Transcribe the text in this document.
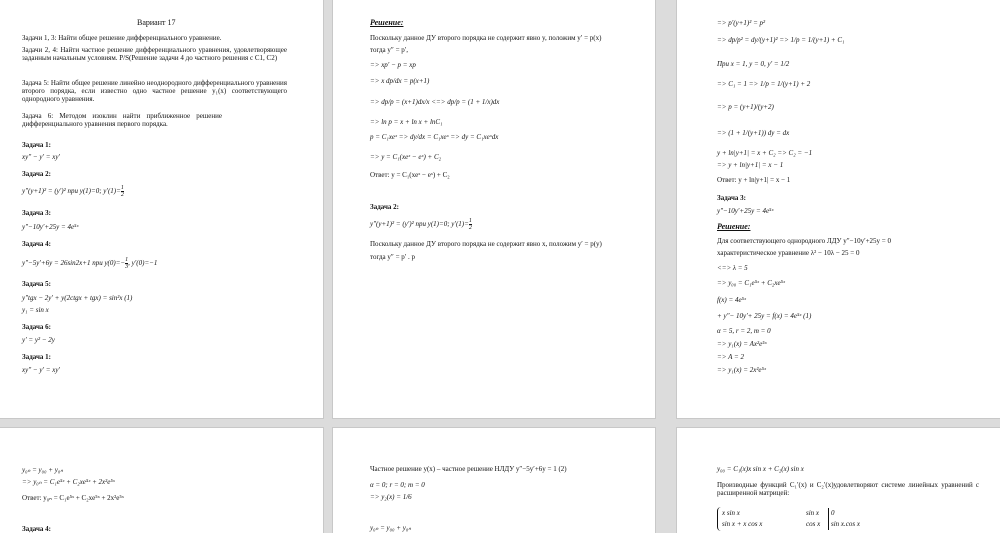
Вариант 17
Задачи 1, 3: Найти общее решение дифференциального уравнение.
Задачи 2, 4: Найти частное решение дифференциального уравнения, удовлетворяющее заданным начальным условиям. Р/S(Решение задачи 4 до частного решения с С1, С2)
Задача 5: Найти общее решение линейно неоднородного дифференциального уравнения второго порядка, если известно одно частное решение y₁(x) соответствующего однородного уравнения.
Задача 6: Методом изоклин найти приближенное решение дифференциального уравнения первого порядка.
Задача 1:
xy″ − y′ = xy′
Задача 2:
y″(y+1)² = (y′)² при y(1)=0; $y'(1)= \frac{1}{2}$
Задача 3:
y″−10y′+25y = 4e⁵ˣ
Задача 4:
y″−5y′+6y = 26sin2x+1 при $y(0)=- \frac{1}{3}$ , y′(0)=−1
Задача 5:
y″tgx − 2y′ + y(2ctgx + tgx) = sin²x (1)
y₁ = sin x
Задача 6:
y′ = y² − 2y
Задача 1:
xy″ − y′ = xy′
Решение:
Поскольку данное ДУ второго порядка не содержит явно y, положим y′ = p(x)
тогда y″ = p′,
=> xp′ − p = xp
=> x dp/dx = p(x+1)
=> dp/p = (x+1)dx/x <=> dp/p = (1 + 1/x)dx
=> ln p = x + ln x + lnC₁
p = C₁xeˣ => dy/dx = C₁xeˣ => dy = C₁xeˣdx
=> y = C₁(xeˣ − eˣ) + C₂
Ответ: y = C₁(xeˣ − eˣ) + C₂
Задача 2:
y″(y+1)² = (y′)² при y(1)=0; $y'(1)= \frac{1}{2}$
Поскольку данное ДУ второго порядка не содержит явно x, положим y′ = p(y)
тогда y″ = p′ . p
=> p′(y+1)² = p²
=> dp/p² = dy/(y+1)² => 1/p = 1/(y+1) + C₁
При x = 1, y = 0, y′ = 1/2
=> C₁ = 1 => 1/p = 1/(y+1) + 2
=> p = (y+1)/(y+2)
=> (1 + 1/(y+1)) dy = dx
y + ln|y+1| = x + C₂ => C₂ = −1
=> y + ln|y+1| = x − 1
Ответ: y + ln|y+1| = x − 1
Задача 3:
y″−10y′+25y = 4e⁵ˣ
Решение:
Для соответствующего однородного ЛДУ y″−10y′+25y = 0
характеристическое уравнение λ² − 10λ − 25 = 0
<=> λ = 5
=> y₀₀ = C₁e⁵ˣ + C₂xe⁵ˣ
f(x) = 4e⁵ˣ
+ y″− 10y′+ 25y = f(x) = 4e⁵ˣ (1)
α = 5, r = 2, m = 0
=> y₁(x) = Ax²e⁵ˣ
=> A = 2
=> y₁(x) = 2x²e⁵ˣ
y₀ₙ = y₀₀ + y₀ₙ
=> y₀ₙ = C₁e⁵ˣ + C₂xe⁵ˣ + 2x²e⁵ˣ
Ответ: y₀ₙ = C₁e⁵ˣ + C₂xe⁵ˣ + 2x²e⁵ˣ
Задача 4:
Частное решение y(x) – частное решение НЛДУ y″−5y′+6y = 1 (2)
α = 0; r = 0; m = 0
=> y₂(x) = 1/6
y₀ₙ = y₀₀ + y₀ₙ
y₀₀ = C₁(x)x sin x + C₂(x) sin x
Производные функций C₁′(x) и C₂′(x)удовлетворяют системе линейных уравнений с расширенной матрицей:
x sin x	sin x 0
sin x + x cos x	cos x sin x.cos x
